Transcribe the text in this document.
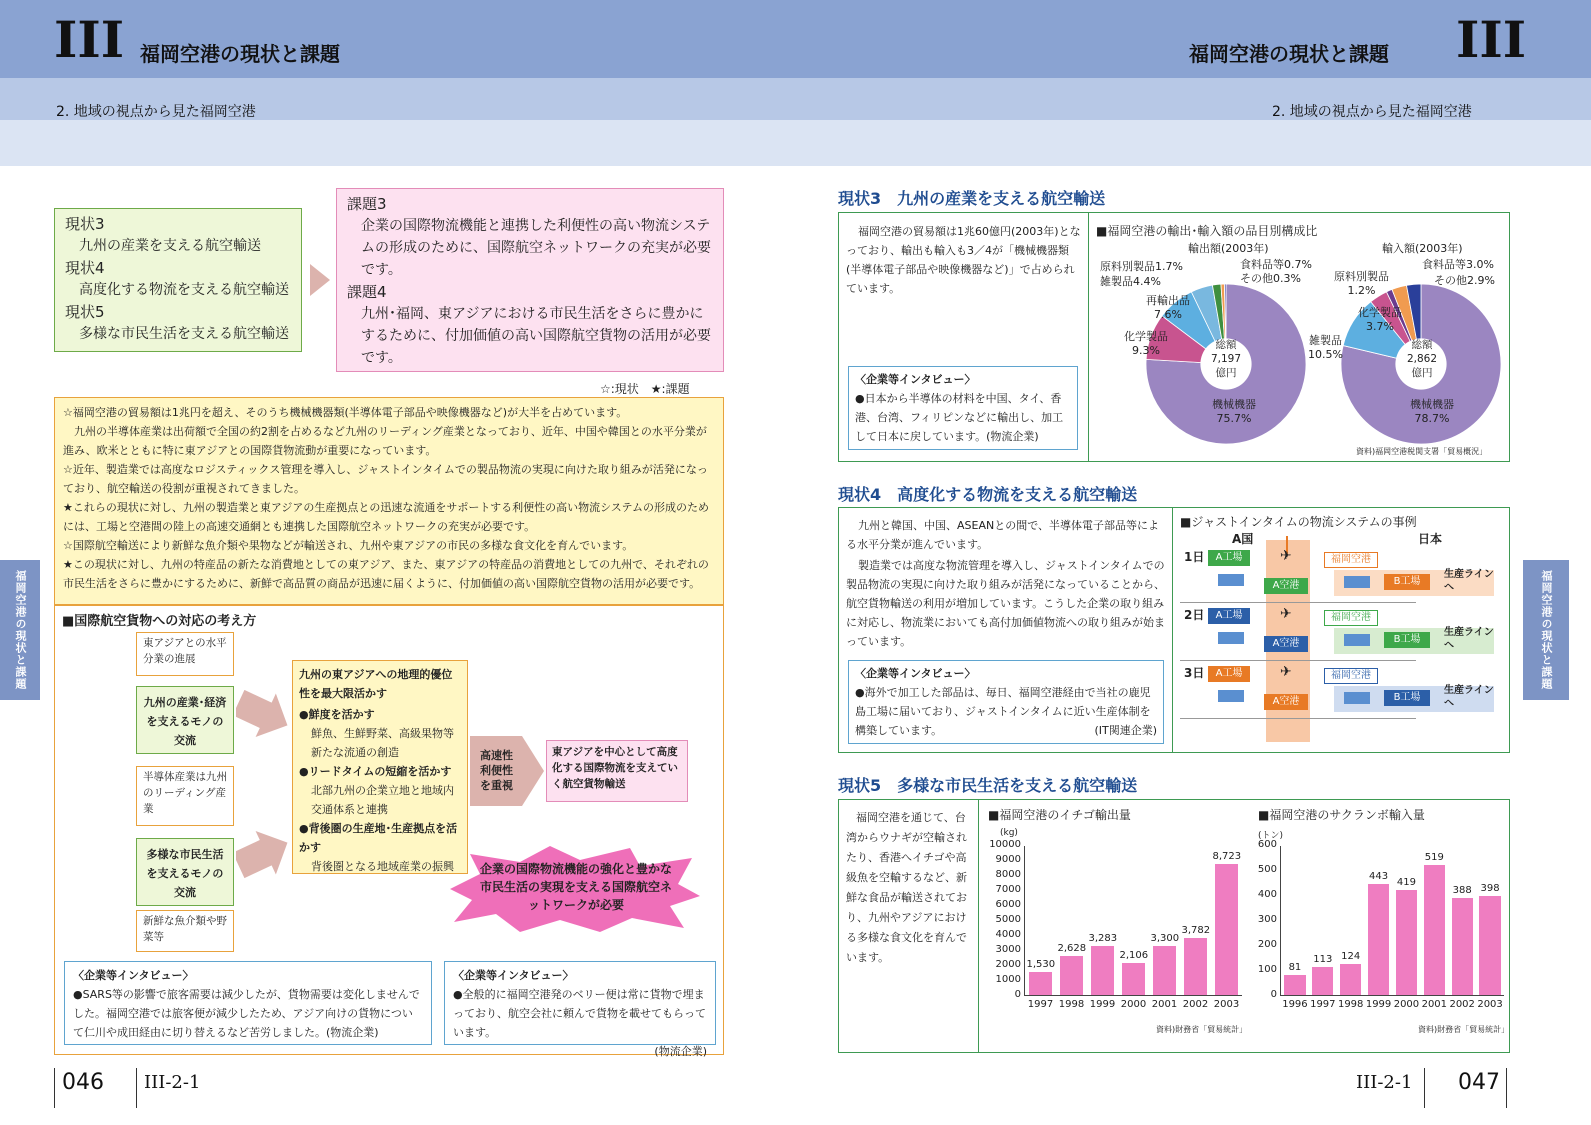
III 福岡空港の現状と課題	福岡空港の現状と課題 III
2. 地域の視点から見た福岡空港	2. 地域の視点から見た福岡空港
福岡空港の現状と課題	福岡空港の現状と課題
現状3
九州の産業を支える航空輸送
現状4
高度化する物流を支える航空輸送
現状5
多様な市民生活を支える航空輸送
課題3
企業の国際物流機能と連携した利便性の高い物流システムの形成のために、国際航空ネットワークの充実が必要です。
課題4
九州･福岡、東アジアにおける市民生活をさらに豊かにするために、付加価値の高い国際航空貨物の活用が必要です。
☆:現状　★:課題
☆福岡空港の貿易額は1兆円を超え、そのうち機械機器類(半導体電子部品や映像機器など)が大半を占めています。
　九州の半導体産業は出荷額で全国の約2割を占めるなど九州のリーディング産業となっており、近年、中国や韓国との水平分業が進み、欧米とともに特に東アジアとの国際貨物流動が重要になっています。
☆近年、製造業では高度なロジスティックス管理を導入し、ジャストインタイムでの製品物流の実現に向けた取り組みが活発になっており、航空輸送の役割が重視されてきました。
★これらの現状に対し、九州の製造業と東アジアの生産拠点との迅速な流通をサポートする利便性の高い物流システムの形成のためには、工場と空港間の陸上の高速交通網とも連携した国際航空ネットワークの充実が必要です。
☆国際航空輸送により新鮮な魚介類や果物などが輸送され、九州や東アジアの市民の多様な食文化を育んでいます。
★この現状に対し、九州の特産品の新たな消費地としての東アジア、また、東アジアの特産品の消費地としての九州で、それぞれの市民生活をさらに豊かにするために、新鮮で高品質の商品が迅速に届くように、付加価値の高い国際航空貨物の活用が必要です。
■国際航空貨物への対応の考え方
東アジアとの水平分業の進展
九州の産業･経済を支えるモノの交流
半導体産業は九州のリーディング産業
多様な市民生活を支えるモノの交流
新鮮な魚介類や野菜等
九州の東アジアへの地理的優位性を最大限活かす
●鮮度を活かす
鮮魚、生鮮野菜、高級果物等新たな流通の創造
●リードタイムの短縮を活かす
北部九州の企業立地と地域内交通体系と連携
●背後圏の生産地･生産拠点を活かす
背後圏となる地域産業の振興
高速性利便性を重視
東アジアを中心として高度化する国際物流を支えていく航空貨物輸送
企業の国際物流機能の強化と豊かな市民生活の実現を支える国際航空ネットワークが必要
〈企業等インタビュー〉
●SARS等の影響で旅客需要は減少したが、貨物需要は変化しませんでした。福岡空港では旅客便が減少したため、アジア向けの貨物について仁川や成田経由に切り替えるなど苦労しました。(物流企業)
〈企業等インタビュー〉
●全般的に福岡空港発のベリー便は常に貨物で埋まっており、航空会社に頼んで貨物を載せてもらっています。
(物流企業)
現状3　九州の産業を支える航空輸送
福岡空港の貿易額は1兆60億円(2003年)となっており、輸出も輸入も3／4が「機械機器類(半導体電子部品や映像機器など)」で占められています。
〈企業等インタビュー〉
●日本から半導体の材料を中国、タイ、香港、台湾、フィリピンなどに輸出し、加工して日本に戻しています。(物流企業)
■福岡空港の輸出･輸入額の品目別構成比
輸出額(2003年)	輸入額(2003年)
機械機器
75.7%
化学製品
9.3%
再輸出品
7.6%
雑製品4.4%
原料別製品1.7%	食料品等0.7%
その他0.3%
機械機器
78.7%
雑製品
10.5%
化学製品
3.7%
原料別製品
1.2%
食料品等3.0%
その他2.9%
総額
7,197
億円
総額
2,862
億円
資料)福岡空港税関支署「貿易概況」
現状4　高度化する物流を支える航空輸送
九州と韓国、中国、ASEANとの間で、半導体電子部品等による水平分業が進んでいます。
製造業では高度な物流管理を導入し、ジャストインタイムでの製品物流の実現に向けた取り組みが活発になっていることから、航空貨物輸送の利用が増加しています。こうした企業の取り組みに対応し、物流業においても高付加価値物流への取り組みが始まっています。
〈企業等インタビュー〉
●海外で加工した部品は、毎日、福岡空港経由で当社の鹿児島工場に届いており、ジャストインタイムに近い生産体制を構築しています。	(IT関連企業)
■ジャストインタイムの物流システムの事例
A国	日本
1日	A工場
A空港
✈	福岡空港
B工場
生産ラインへ
2日	A工場
A空港
✈	福岡空港
B工場
生産ラインへ
3日	A工場
A空港
✈	福岡空港
B工場
生産ラインへ
現状5　多様な市民生活を支える航空輸送
福岡空港を通じて、台湾からウナギが空輸されたり、香港へイチゴや高級魚を空輸するなど、新鮮な食品が輸送されており、九州やアジアにおける多様な食文化を育んでいます。
■福岡空港のイチゴ輸出量	■福岡空港のサクランボ輸入量
(kg)	(トン)
1,530
1997
2,628
1998
3,283
1999
2,106
2000
3,300
2001
3,782
2002
8,723
2003
10000
9000
8000
7000
6000
5000
4000
3000
2000
1000
0
81
1996
113
1997
124
1998
443
1999
419
2000
519
2001
388
2002
398
2003
600
500
400
300
200
100
0
資料)財務省「貿易統計」	資料)財務省「貿易統計」
046 III-2-1	III-2-1 047
